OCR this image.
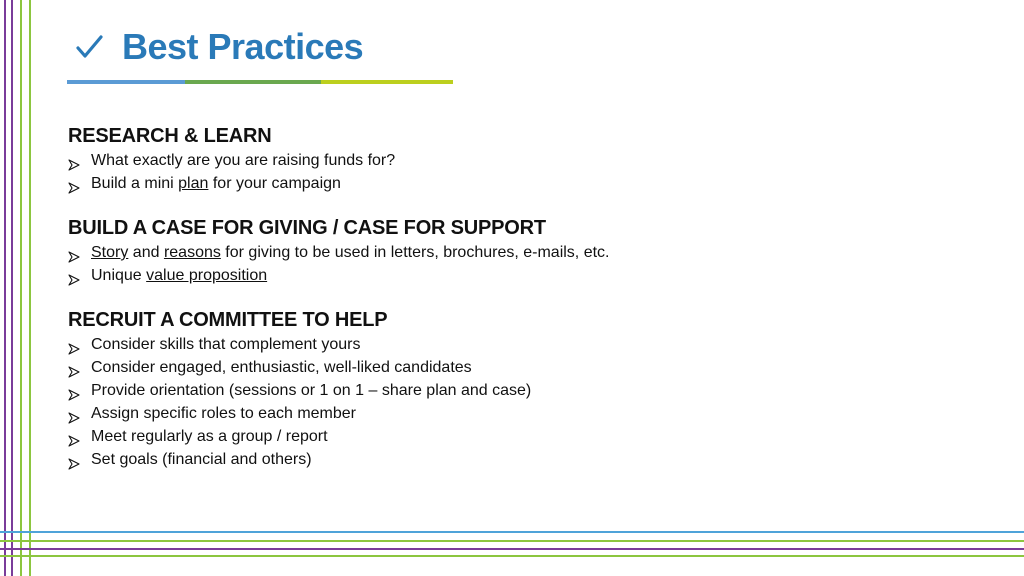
Best Practices
RESEARCH & LEARN
What exactly are you are raising funds for?
Build a mini plan for your campaign
BUILD A CASE FOR GIVING / CASE FOR SUPPORT
Story and reasons for giving to be used in letters, brochures, e-mails, etc.
Unique value proposition
RECRUIT A COMMITTEE TO HELP
Consider skills that complement yours
Consider engaged, enthusiastic, well-liked candidates
Provide orientation (sessions or 1 on 1 – share plan and case)
Assign specific roles to each member
Meet regularly as a group / report
Set goals (financial and others)
